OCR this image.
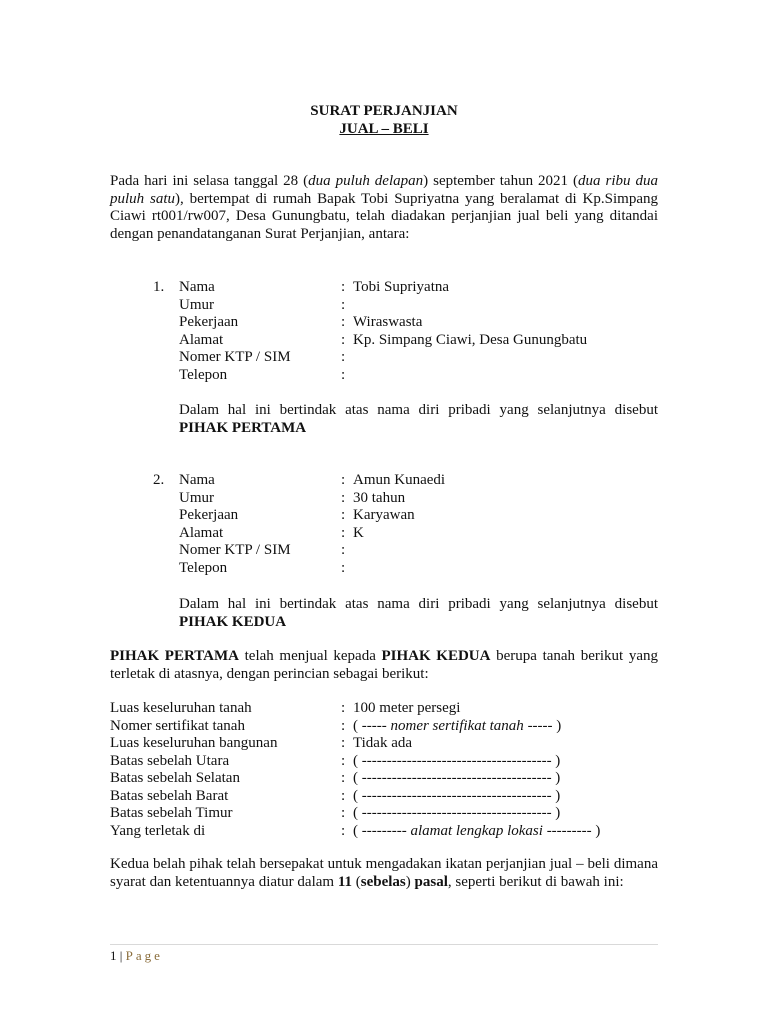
SURAT PERJANJIAN
JUAL – BELI
Pada hari ini selasa tanggal 28 (dua puluh delapan) september tahun 2021 (dua ribu dua puluh satu), bertempat di rumah Bapak Tobi Supriyatna yang beralamat di Kp.Simpang Ciawi rt001/rw007, Desa Gunungbatu, telah diadakan perjanjian jual beli yang ditandai dengan penandatanganan Surat Perjanjian, antara:
1. Nama	: Tobi Supriyatna
Umur	:
Pekerjaan	: Wiraswasta
Alamat	: Kp. Simpang Ciawi, Desa Gunungbatu
Nomer KTP / SIM	:
Telepon	:
Dalam hal ini bertindak atas nama diri pribadi yang selanjutnya disebut PIHAK PERTAMA
2. Nama	: Amun Kunaedi
Umur	: 30 tahun
Pekerjaan	: Karyawan
Alamat	: K
Nomer KTP / SIM	:
Telepon	:
Dalam hal ini bertindak atas nama diri pribadi yang selanjutnya disebut PIHAK KEDUA
PIHAK PERTAMA telah menjual kepada PIHAK KEDUA berupa tanah berikut yang terletak di atasnya, dengan perincian sebagai berikut:
Luas keseluruhan tanah	: 100 meter persegi
Nomer sertifikat tanah	: ( ----- nomer sertifikat tanah ----- )
Luas keseluruhan bangunan	: Tidak ada
Batas sebelah Utara	: ( -------------------------------------- )
Batas sebelah Selatan	: ( -------------------------------------- )
Batas sebelah Barat	: ( -------------------------------------- )
Batas sebelah Timur	: ( -------------------------------------- )
Yang terletak di	: ( --------- alamat lengkap lokasi --------- )
Kedua belah pihak telah bersepakat untuk mengadakan ikatan perjanjian jual – beli dimana syarat dan ketentuannya diatur dalam 11 (sebelas) pasal, seperti berikut di bawah ini:
1 | Page
